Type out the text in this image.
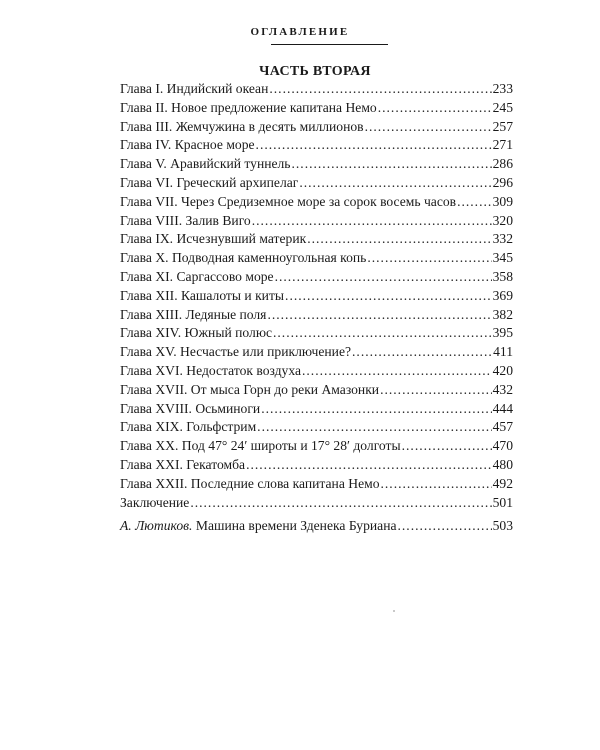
ОГЛАВЛЕНИЕ
ЧАСТЬ ВТОРАЯ
Глава I. Индийский океан . . .	233
Глава II. Новое предложение капитана Немо . . .	245
Глава III. Жемчужина в десять миллионов . . .	257
Глава IV. Красное море . . .	271
Глава V. Аравийский туннель . . .	286
Глава VI. Греческий архипелаг . . .	296
Глава VII. Через Средиземное море за сорок восемь часов . . .	309
Глава VIII. Залив Виго . . .	320
Глава IX. Исчезнувший материк . . .	332
Глава X. Подводная каменноугольная копь . . .	345
Глава XI. Саргассово море . . .	358
Глава XII. Кашалоты и киты . . .	369
Глава XIII. Ледяные поля . . .	382
Глава XIV. Южный полюс . . .	395
Глава XV. Несчастье или приключение? . . .	411
Глава XVI. Недостаток воздуха . . .	420
Глава XVII. От мыса Горн до реки Амазонки . . .	432
Глава XVIII. Осьминоги . . .	444
Глава XIX. Гольфстрим . . .	457
Глава XX. Под 47° 24′ широты и 17° 28′ долготы . . .	470
Глава XXI. Гекатомба . . .	480
Глава XXII. Последние слова капитана Немо . . .	492
Заключение . . .	501
А. Лютиков. Машина времени Зденека Буриана . . .	503
